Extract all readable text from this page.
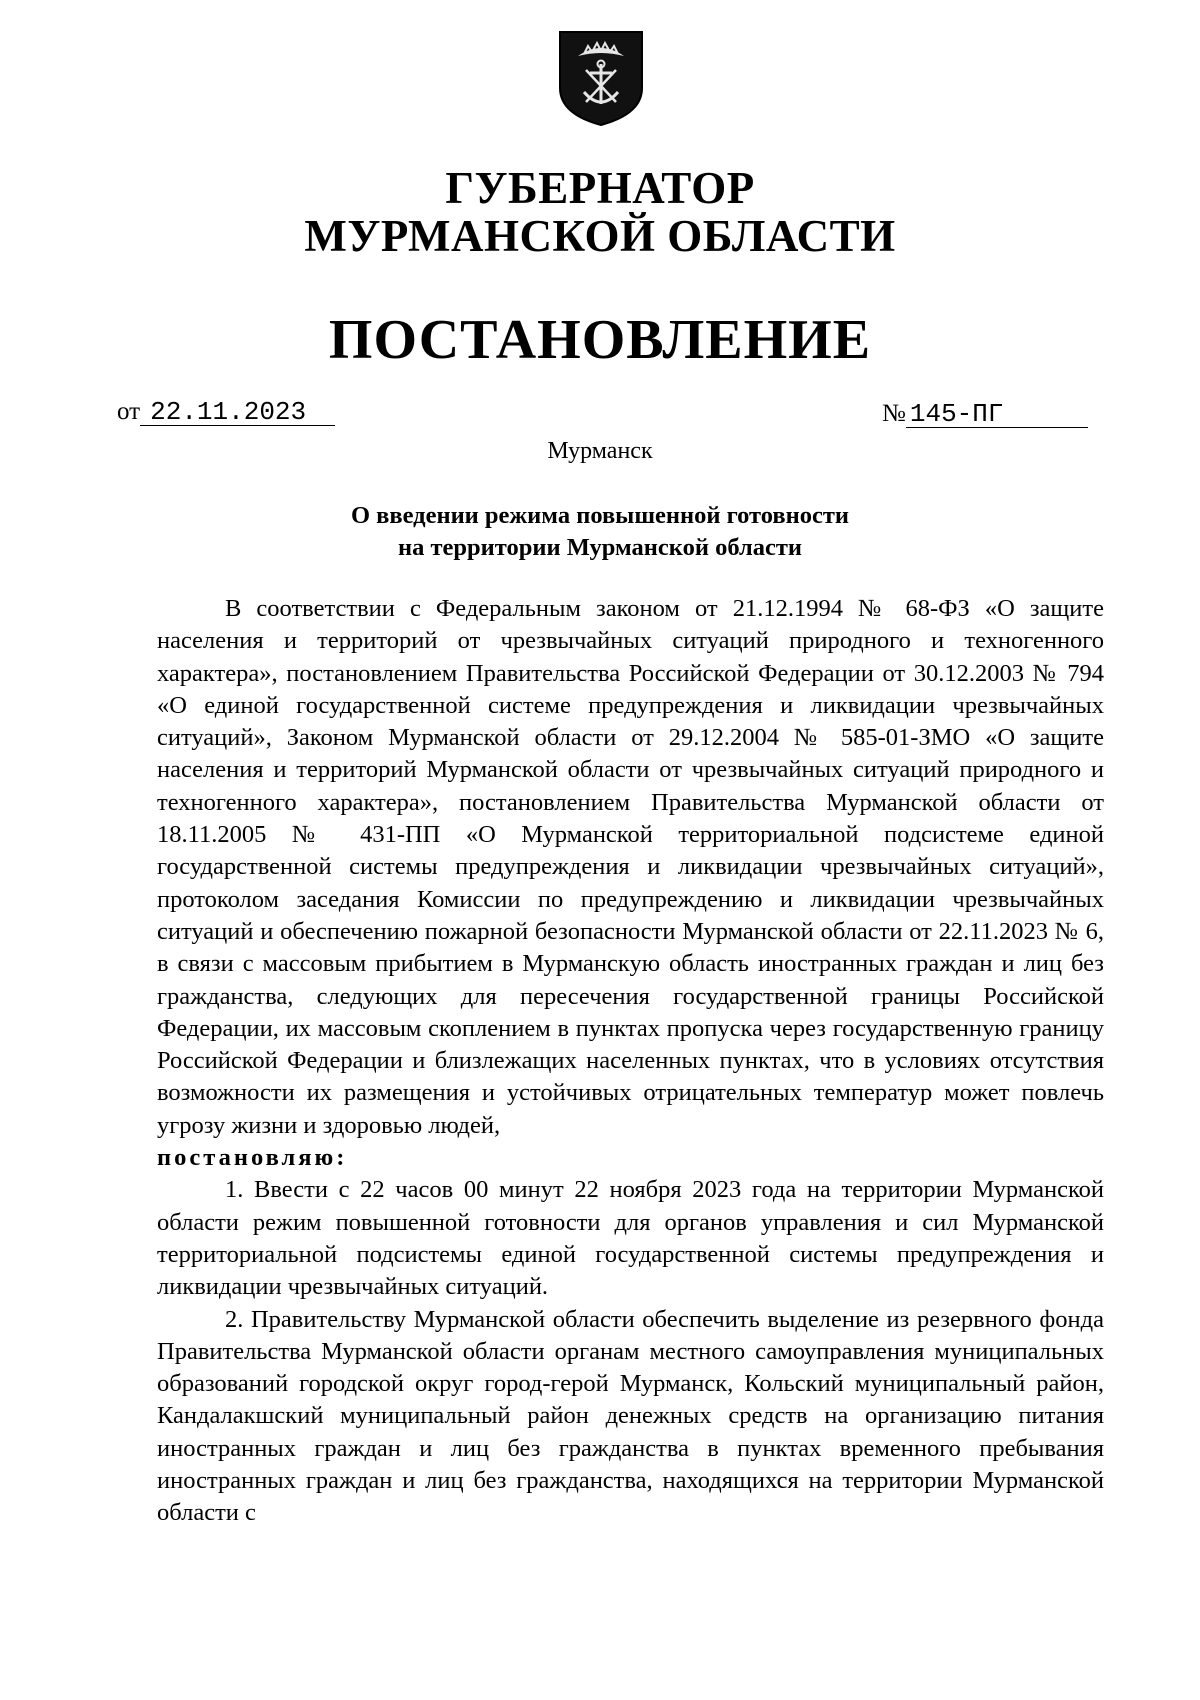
ГУБЕРНАТОР
МУРМАНСКОЙ ОБЛАСТИ
ПОСТАНОВЛЕНИЕ
от 22.11.2023	№ 145-ПГ
Мурманск
О введении режима повышенной готовности
на территории Мурманской области

В соответствии с Федеральным законом от 21.12.1994 № 68-ФЗ «О защите населения и территорий от чрезвычайных ситуаций природного и техногенного характера», постановлением Правительства Российской Федерации от 30.12.2003 № 794 «О единой государственной системе предупреждения и ликвидации чрезвычайных ситуаций», Законом Мурманской области от 29.12.2004 № 585-01-ЗМО «О защите населения и территорий Мурманской области от чрезвычайных ситуаций природного и техногенного характера», постановлением Правительства Мурманской области от 18.11.2005 № 431-ПП «О Мурманской территориальной подсистеме единой государственной системы предупреждения и ликвидации чрезвычайных ситуаций», протоколом заседания Комиссии по предупреждению и ликвидации чрезвычайных ситуаций и обеспечению пожарной безопасности Мурманской области от 22.11.2023 № 6, в связи с массовым прибытием в Мурманскую область иностранных граждан и лиц без гражданства, следующих для пересечения государственной границы Российской Федерации, их массовым скоплением в пунктах пропуска через государственную границу Российской Федерации и близлежащих населенных пунктах, что в условиях отсутствия возможности их размещения и устойчивых отрицательных температур может повлечь угрозу жизни и здоровью людей,

постановляю:

1. Ввести с 22 часов 00 минут 22 ноября 2023 года на территории Мурманской области режим повышенной готовности для органов управления и сил Мурманской территориальной подсистемы единой государственной системы предупреждения и ликвидации чрезвычайных ситуаций.

2. Правительству Мурманской области обеспечить выделение из резервного фонда Правительства Мурманской области органам местного самоуправления муниципальных образований городской округ город-герой Мурманск, Кольский муниципальный район, Кандалакшский муниципальный район денежных средств на организацию питания иностранных граждан и лиц без гражданства в пунктах временного пребывания иностранных граждан и лиц без гражданства, находящихся на территории Мурманской области с
